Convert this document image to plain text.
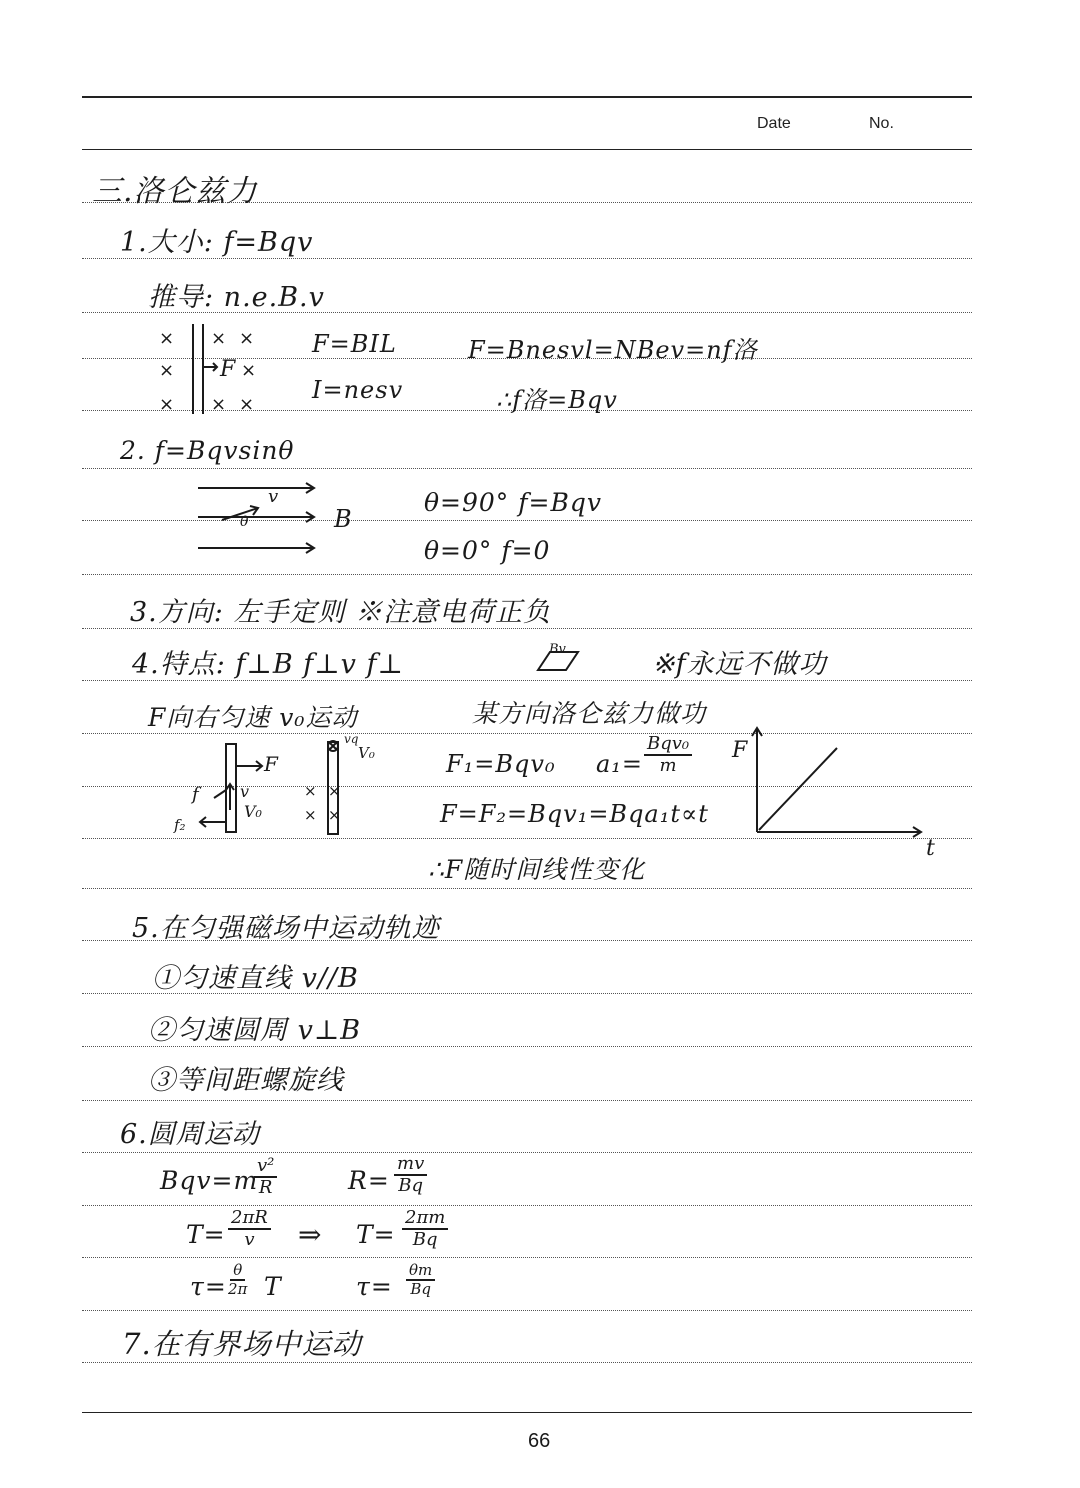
Date	No.
三.洛仑兹力
1.大小: f=Bqv
推导: n.e.B.v
× × ×
×	×
× × ×
F
F=BIL
I=nesv
F=Bnesvl=NBev=nf洛
∴f洛=Bqv
2. f=Bqvsinθ
v
θ	B
θ=90° f=Bqv
θ=0° f=0
3.方向: 左手定则 ※注意电荷正负
4.特点: f⊥B f⊥v f⊥	Bv	※f永远不做功
F向右匀速 v₀运动	某方向洛仑兹力做功
× ×
× ×
F
v
V₀
f
f₂
V₀
vq
F₁=Bqv₀ a₁=
Bqv₀
m
F=F₂=Bqv₁=Bqa₁t∝t
∴F随时间线性变化
F
t
5.在匀强磁场中运动轨迹
①匀速直线 v//B
②匀速圆周 v⊥B
③等间距螺旋线
6.圆周运动
Bqv=m
$\frac{\text{v²}}{R}$	$R= \frac{mv}{Bq}$
$T= \frac{2\pi R}{v}$ ⇒ $T= \frac{2\pi m}{Bq}$
$\tau= \frac{\theta}{2\pi}$ T	$\tau= \frac{\theta m}{Bq}$
7.在有界场中运动
66
